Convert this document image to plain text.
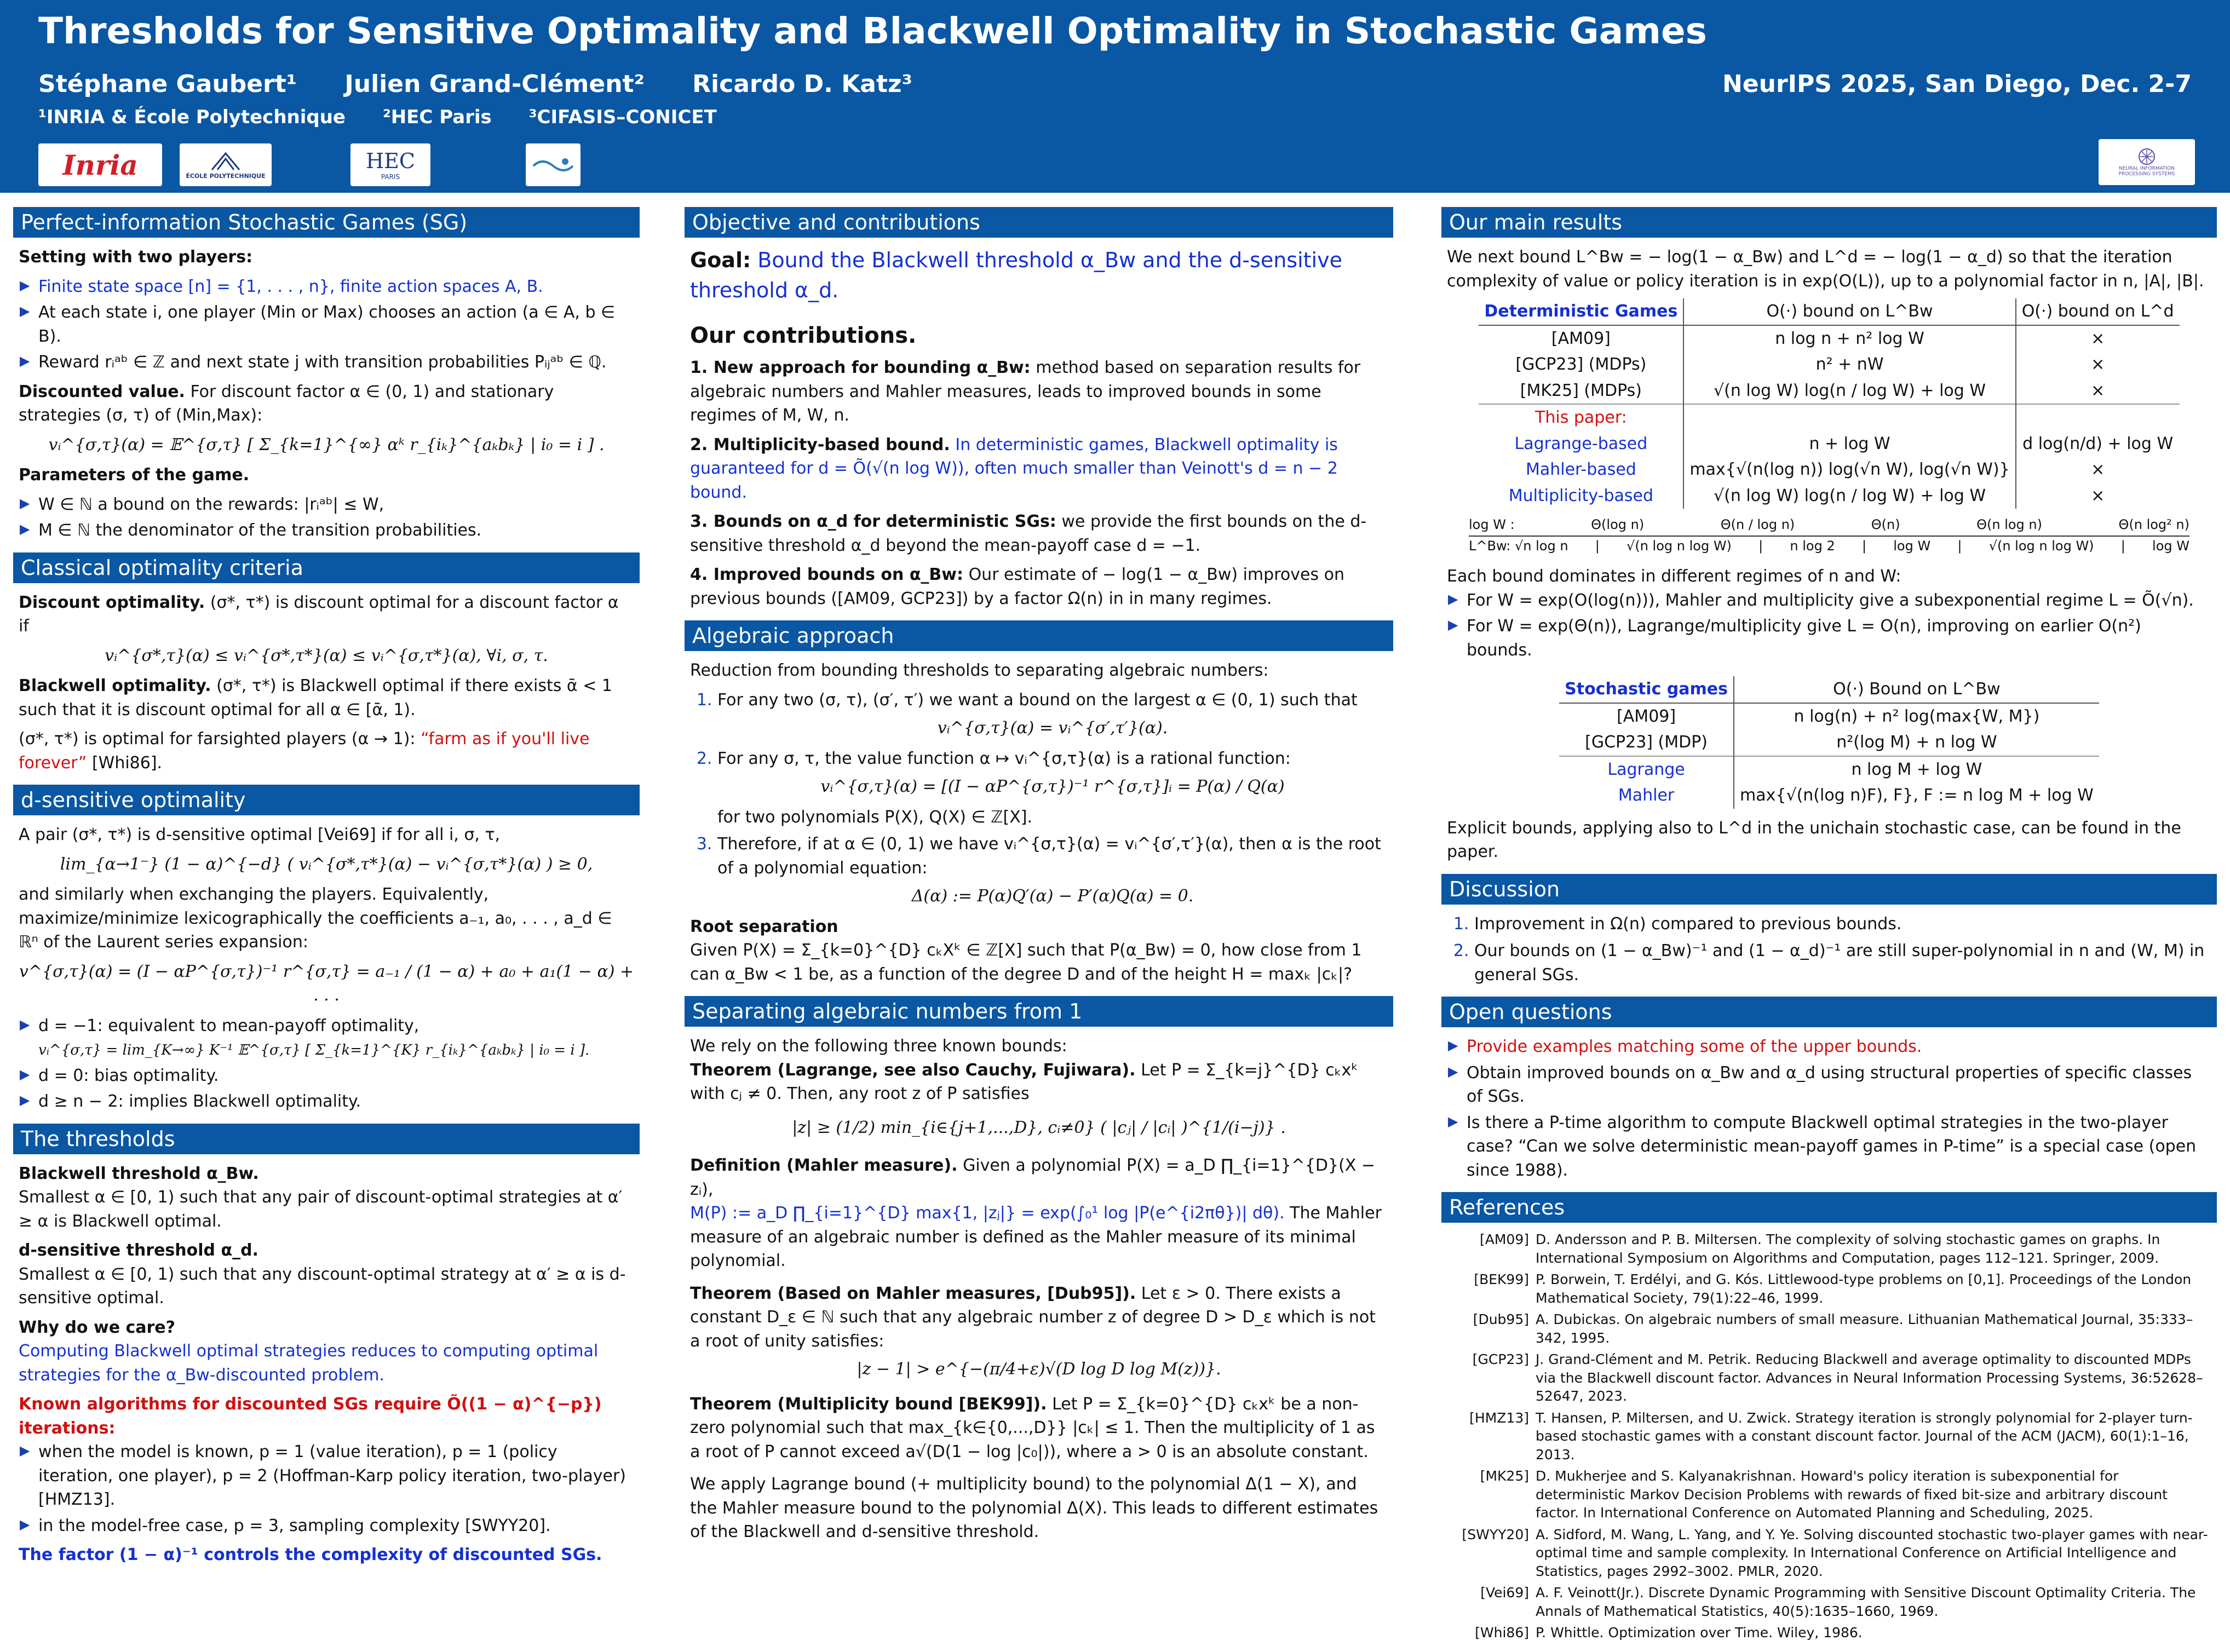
Thresholds for Sensitive Optimality and Blackwell Optimality in Stochastic Games
Stéphane Gaubert¹ Julien Grand-Clément² Ricardo D. Katz³
¹INRIA & École Polytechnique ²HEC Paris ³CIFASIS–CONICET
NeurIPS 2025, San Diego, Dec. 2-7
Inria	ÉCOLE POLYTECHNIQUE
HEC
PARIS
NEURAL INFORMATION PROCESSING SYSTEMS
Perfect-information Stochastic Games (SG)

Setting with two players:

▶ Finite state space [n] = {1, . . . , n}, finite action spaces A, B.
▶ At each state i, one player (Min or Max) chooses an action (a ∈ A, b ∈ B).
▶ Reward rᵢᵃᵇ ∈ ℤ and next state j with transition probabilities Pᵢⱼᵃᵇ ∈ ℚ.

Discounted value. For discount factor α ∈ (0, 1) and stationary strategies (σ, τ) of (Min,Max):

vᵢ^{σ,τ}(α) = 𝔼^{σ,τ} [ Σ_{k=1}^{∞} αᵏ r_{iₖ}^{aₖbₖ} | i₀ = i ] .

Parameters of the game.

▶ W ∈ ℕ a bound on the rewards: |rᵢᵃᵇ| ≤ W,
▶ M ∈ ℕ the denominator of the transition probabilities.
Classical optimality criteria

Discount optimality. (σ*, τ*) is discount optimal for a discount factor α if

vᵢ^{σ*,τ}(α) ≤ vᵢ^{σ*,τ*}(α) ≤ vᵢ^{σ,τ*}(α), ∀i, σ, τ.

Blackwell optimality. (σ*, τ*) is Blackwell optimal if there exists ᾱ < 1 such that it is discount optimal for all α ∈ [ᾱ, 1).

(σ*, τ*) is optimal for farsighted players (α → 1): “farm as if you'll live forever” [Whi86].

d-sensitive optimality

A pair (σ*, τ*) is d-sensitive optimal [Vei69] if for all i, σ, τ,

lim_{α→1⁻} (1 − α)^{−d} ( vᵢ^{σ*,τ*}(α) − vᵢ^{σ,τ*}(α) ) ≥ 0,

and similarly when exchanging the players. Equivalently, maximize/minimize lexicographically the coefficients a₋₁, a₀, . . . , a_d ∈ ℝⁿ of the Laurent series expansion:

v^{σ,τ}(α) = (I − αP^{σ,τ})⁻¹ r^{σ,τ} = a₋₁ / (1 − α) + a₀ + a₁(1 − α) + . . .
▶ d = −1: equivalent to mean-payoff optimality,
vᵢ^{σ,τ} = lim_{K→∞} K⁻¹ 𝔼^{σ,τ} [ Σ_{k=1}^{K} r_{iₖ}^{aₖbₖ} | i₀ = i ].
▶ d = 0: bias optimality.
▶ d ≥ n − 2: implies Blackwell optimality.
The thresholds

Blackwell threshold α_Bw.

Smallest α ∈ [0, 1) such that any pair of discount-optimal strategies at α′ ≥ α is Blackwell optimal.

d-sensitive threshold α_d.

Smallest α ∈ [0, 1) such that any discount-optimal strategy at α′ ≥ α is d-sensitive optimal.

Why do we care?

Computing Blackwell optimal strategies reduces to computing optimal strategies for the α_Bw-discounted problem.

Known algorithms for discounted SGs require Õ((1 − α)^{−p}) iterations:

▶ when the model is known, p = 1 (value iteration), p = 1 (policy iteration, one player), p = 2 (Hoffman-Karp policy iteration, two-player) [HMZ13].
▶ in the model-free case, p = 3, sampling complexity [SWYY20].

The factor (1 − α)⁻¹ controls the complexity of discounted SGs.

Objective and contributions
Goal: Bound the Blackwell threshold α_Bw and the d-sensitive threshold α_d.
Our contributions.

1. New approach for bounding α_Bw: method based on separation results for algebraic numbers and Mahler measures, leads to improved bounds in some regimes of M, W, n.

2. Multiplicity-based bound. In deterministic games, Blackwell optimality is guaranteed for d = Õ(√(n log W)), often much smaller than Veinott's d = n − 2 bound.

3. Bounds on α_d for deterministic SGs: we provide the first bounds on the d-sensitive threshold α_d beyond the mean-payoff case d = −1.

4. Improved bounds on α_Bw: Our estimate of − log(1 − α_Bw) improves on previous bounds ([AM09, GCP23]) by a factor Ω(n) in in many regimes.

Algebraic approach

Reduction from bounding thresholds to separating algebraic numbers:

1. For any two (σ, τ), (σ′, τ′) we want a bound on the largest α ∈ (0, 1) such that
vᵢ^{σ,τ}(α) = vᵢ^{σ′,τ′}(α).
2. For any σ, τ, the value function α ↦ vᵢ^{σ,τ}(α) is a rational function:
vᵢ^{σ,τ}(α) = [(I − αP^{σ,τ})⁻¹ r^{σ,τ}]ᵢ = P(α) / Q(α)
for two polynomials P(X), Q(X) ∈ ℤ[X].
3. Therefore, if at α ∈ (0, 1) we have vᵢ^{σ,τ}(α) = vᵢ^{σ′,τ′}(α), then α is the root of a polynomial equation:
Δ(α) := P(α)Q′(α) − P′(α)Q(α) = 0.

Root separation

Given P(X) = Σ_{k=0}^{D} cₖXᵏ ∈ ℤ[X] such that P(α_Bw) = 0, how close from 1 can α_Bw < 1 be, as a function of the degree D and of the height H = maxₖ |cₖ|?

Separating algebraic numbers from 1

We rely on the following three known bounds:

Theorem (Lagrange, see also Cauchy, Fujiwara). Let P = Σ_{k=j}^{D} cₖxᵏ with cⱼ ≠ 0. Then, any root z of P satisfies

|z| ≥ (1/2) min_{i∈{j+1,...,D}, cᵢ≠0} ( |cⱼ| / |cᵢ| )^{1/(i−j)} .

Definition (Mahler measure). Given a polynomial P(X) = a_D ∏_{i=1}^{D}(X − zᵢ),

M(P) := a_D ∏_{i=1}^{D} max{1, |zⱼ|} = exp(∫₀¹ log |P(e^{i2πθ})| dθ). The Mahler measure of an algebraic number is defined as the Mahler measure of its minimal polynomial.

Theorem (Based on Mahler measures, [Dub95]). Let ε > 0. There exists a constant D_ε ∈ ℕ such that any algebraic number z of degree D > D_ε which is not a root of unity satisfies:

|z − 1| > e^{−(π/4+ε)√(D log D log M(z))}.

Theorem (Multiplicity bound [BEK99]). Let P = Σ_{k=0}^{D} cₖxᵏ be a non-zero polynomial such that max_{k∈{0,...,D}} |cₖ| ≤ 1. Then the multiplicity of 1 as a root of P cannot exceed a√(D(1 − log |c₀|)), where a > 0 is an absolute constant.

We apply Lagrange bound (+ multiplicity bound) to the polynomial Δ(1 − X), and the Mahler measure bound to the polynomial Δ(X). This leads to different estimates of the Blackwell and d-sensitive threshold.

Our main results

We next bound L^Bw = − log(1 − α_Bw) and L^d = − log(1 − α_d) so that the iteration complexity of value or policy iteration is in exp(O(L)), up to a polynomial factor in n, |A|, |B|.

Deterministic Games	O(·) bound on L^Bw	O(·) bound on L^d
[AM09]	n log n + n² log W	×
[GCP23] (MDPs)	n² + nW	×
[MK25] (MDPs)	√(n log W) log(n / log W) + log W	×
This paper:		
Lagrange-based	n + log W	d log(n/d) + log W
Mahler-based	max{√(n(log n)) log(√n W), log(√n W)}	×
Multiplicity-based	√(n log W) log(n / log W) + log W	×
log W :	Θ(log n)	Θ(n / log n)	Θ(n)	Θ(n log n)	Θ(n log² n)
L^Bw: √n log n | √(n log n log W) | n log 2 | log W | √(n log n log W) | log W

Each bound dominates in different regimes of n and W:

▶ For W = exp(O(log(n))), Mahler and multiplicity give a subexponential regime L = Õ(√n).
▶ For W = exp(Θ(n)), Lagrange/multiplicity give L = O(n), improving on earlier O(n²) bounds.
Stochastic games	O(·) Bound on L^Bw
[AM09]	n log(n) + n² log(max{W, M})
[GCP23] (MDP)	n²(log M) + n log W
Lagrange	n log M + log W
Mahler	max{√(n(log n)F), F}, F := n log M + log W

Explicit bounds, applying also to L^d in the unichain stochastic case, can be found in the paper.

Discussion
1. Improvement in Ω(n) compared to previous bounds.
2. Our bounds on (1 − α_Bw)⁻¹ and (1 − α_d)⁻¹ are still super-polynomial in n and (W, M) in general SGs.
Open questions
▶ Provide examples matching some of the upper bounds.
▶ Obtain improved bounds on α_Bw and α_d using structural properties of specific classes of SGs.
▶ Is there a P-time algorithm to compute Blackwell optimal strategies in the two-player case? “Can we solve deterministic mean-payoff games in P-time” is a special case (open since 1988).
References
[AM09] D. Andersson and P. B. Miltersen. The complexity of solving stochastic games on graphs. In International Symposium on Algorithms and Computation, pages 112–121. Springer, 2009.
[BEK99] P. Borwein, T. Erdélyi, and G. Kós. Littlewood-type problems on [0,1]. Proceedings of the London Mathematical Society, 79(1):22–46, 1999.
[Dub95] A. Dubickas. On algebraic numbers of small measure. Lithuanian Mathematical Journal, 35:333–342, 1995.
[GCP23] J. Grand-Clément and M. Petrik. Reducing Blackwell and average optimality to discounted MDPs via the Blackwell discount factor. Advances in Neural Information Processing Systems, 36:52628–52647, 2023.
[HMZ13] T. Hansen, P. Miltersen, and U. Zwick. Strategy iteration is strongly polynomial for 2-player turn-based stochastic games with a constant discount factor. Journal of the ACM (JACM), 60(1):1–16, 2013.
[MK25] D. Mukherjee and S. Kalyanakrishnan. Howard's policy iteration is subexponential for deterministic Markov Decision Problems with rewards of fixed bit-size and arbitrary discount factor. In International Conference on Automated Planning and Scheduling, 2025.
[SWYY20] A. Sidford, M. Wang, L. Yang, and Y. Ye. Solving discounted stochastic two-player games with near-optimal time and sample complexity. In International Conference on Artificial Intelligence and Statistics, pages 2992–3002. PMLR, 2020.
[Vei69] A. F. Veinott(Jr.). Discrete Dynamic Programming with Sensitive Discount Optimality Criteria. The Annals of Mathematical Statistics, 40(5):1635–1660, 1969.
[Whi86] P. Whittle. Optimization over Time. Wiley, 1986.
